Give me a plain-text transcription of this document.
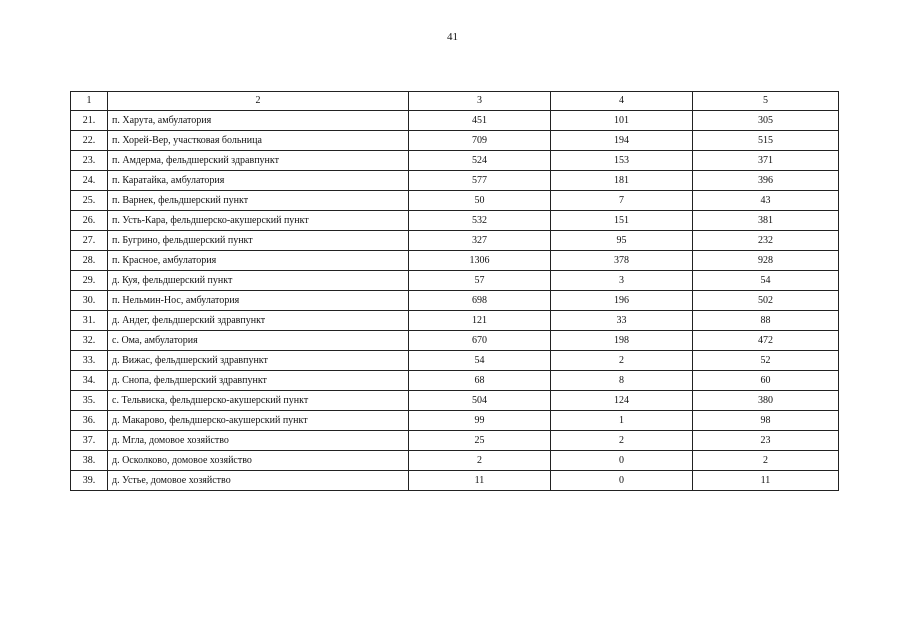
41
1	2	3	4	5
21.	п. Харута, амбулатория	451	101	305
22.	п. Хорей-Вер, участковая больница	709	194	515
23.	п. Амдерма, фельдшерский здравпункт	524	153	371
24.	п. Каратайка, амбулатория	577	181	396
25.	п. Варнек, фельдшерский пункт	50	7	43
26.	п. Усть-Кара, фельдшерско-акушерский пункт	532	151	381
27.	п. Бугрино, фельдшерский пункт	327	95	232
28.	п. Красное, амбулатория	1306	378	928
29.	д. Куя, фельдшерский пункт	57	3	54
30.	п. Нельмин-Нос, амбулатория	698	196	502
31.	д. Андег, фельдшерский здравпункт	121	33	88
32.	с. Ома, амбулатория	670	198	472
33.	д. Вижас, фельдшерский здравпункт	54	2	52
34.	д. Снопа, фельдшерский здравпункт	68	8	60
35.	с. Тельвиска, фельдшерско-акушерский пункт	504	124	380
36.	д. Макарово, фельдшерско-акушерский пункт	99	1	98
37.	д. Мгла, домовое хозяйство	25	2	23
38.	д. Осколково, домовое хозяйство	2	0	2
39.	д. Устье, домовое хозяйство	11	0	11
